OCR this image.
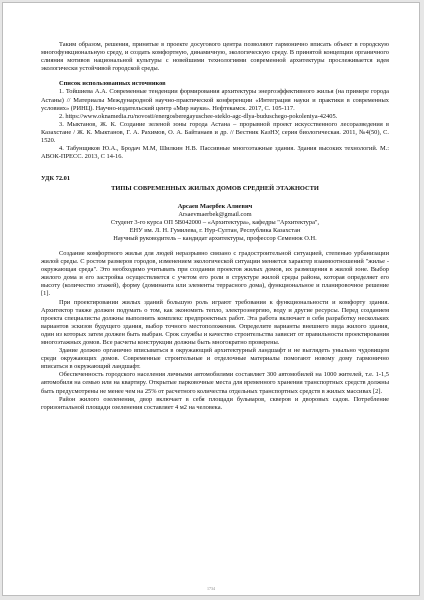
Таким образом, решения, принятые в проекте досугового центра позволяют гармонично вписать объект в городскую многофункциональную среду, и создать комфортную, динамичную, экологическую среду. В принятой концепции органичного слияния мотивов национальной культуры с новейшими технологиями современной архитектуры прослеживается идея экологически устойчивой городской среды.

Список использованных источников

1. Тойшиева А.А. Современные тенденции формирования архитектуры энергоэффективного жилья (на примере города Астаны) // Материалы Международной научно-практической конференции «Интеграция науки и практики в современных условиях» (РИНЦ). Научно-издательский центр «Мир науки». Нефтекамск. 2017, С. 105-117.

2. https://www.oknamedia.ru/novosti/energosberegayuschee-steklo-agc-dlya-buduschego-pokoleniya-42405.

3. Мыктанов, Ж. К. Создание зеленой зоны города Астана – прорывной проект искусственного лесоразведения в Казахстане / Ж. К. Мыктанов, Г. А. Рахимов, О. А. Байтанаев и др. // Вестник КазНУ, серия биологическая. 2011, №4(50), С. 1520.

4. Табунщиков Ю.А., Бродач М.М, Шилкин Н.В. Пассивные многоэтажные здания. Здания высоких технологий. М.: АВОК-ПРЕСС. 2013, С 14-16.

УДК 72.01

ТИПЫ СОВРЕМЕННЫХ ЖИЛЫХ ДОМОВ СРЕДНЕЙ ЭТАЖНОСТИ

Арсаев Маербек Алиевич

Arsaevmaerbek@gmail.com

Студент 3-го курса ОП 5В042000 – «Архитектура», кафедры "Архитектура",

ЕНУ им. Л. Н. Гумилева, г. Нур-Султан, Республика Казахстан

Научный руководитель – кандидат архитектуры, профессор Семенюк О.Н.

Создание комфортного жилья для людей неразрывно связано с градостроительной ситуацией, степенью урбанизации жилой среды. С ростом размеров городов, изменением экологической ситуации меняется характер взаимоотношений "жилье - окружающая среда". Это необходимо учитывать при создании проектов жилых домов, их размещения в жилой зоне. Выбор жилого дома и его застройка осуществляется с учетом его роли в структуре жилой среды района, которая определяет его высоту (количество этажей), форму (доминанта или элементы террасного дома), функциональное и планировочное решение [1].

При проектировании жилых зданий большую роль играют требования к функциональности и комфорту здания. Архитектор также должен подумать о том, как экономить тепло, электроэнергию, воду и другие ресурсы. Перед созданием проекта специалисты должны выполнить комплекс предпроектных работ. Эта работа включает в себя разработку нескольких вариантов эскизов будущего здания, выбор точного местоположения. Определите варианты внешнего вида жилого здания, один из которых затем должен быть выбран. Срок службы и качество строительства зависит от правильности проектирования многоэтажных домов. Все расчеты конструкции должны быть многократно проверены.

Здание должно органично вписываться в окружающий архитектурный ландшафт и не выглядеть уныльно чудовищем среди окружающих домов. Современные строительные и отделочные материалы помогают новому дому гармонично вписаться в окружающий ландшафт.

Обеспеченность городского населения личными автомобилями составляет 300 автомобилей на 1000 жителей, т.е. 1-1,5 автомобиля на семью или на квартиру. Открытые парковочные места для временного хранения транспортных средств должны быть предусмотрены не менее чем на 25% от расчетного количества отдельных транспортных средств в жилых массивах [2].

Район жилого озеленения, двор включает в себя площади бульваров, скверов и дворовых садов. Потребление горизонтальной площади озеленения составляет 4 м2 на человека.

1734
